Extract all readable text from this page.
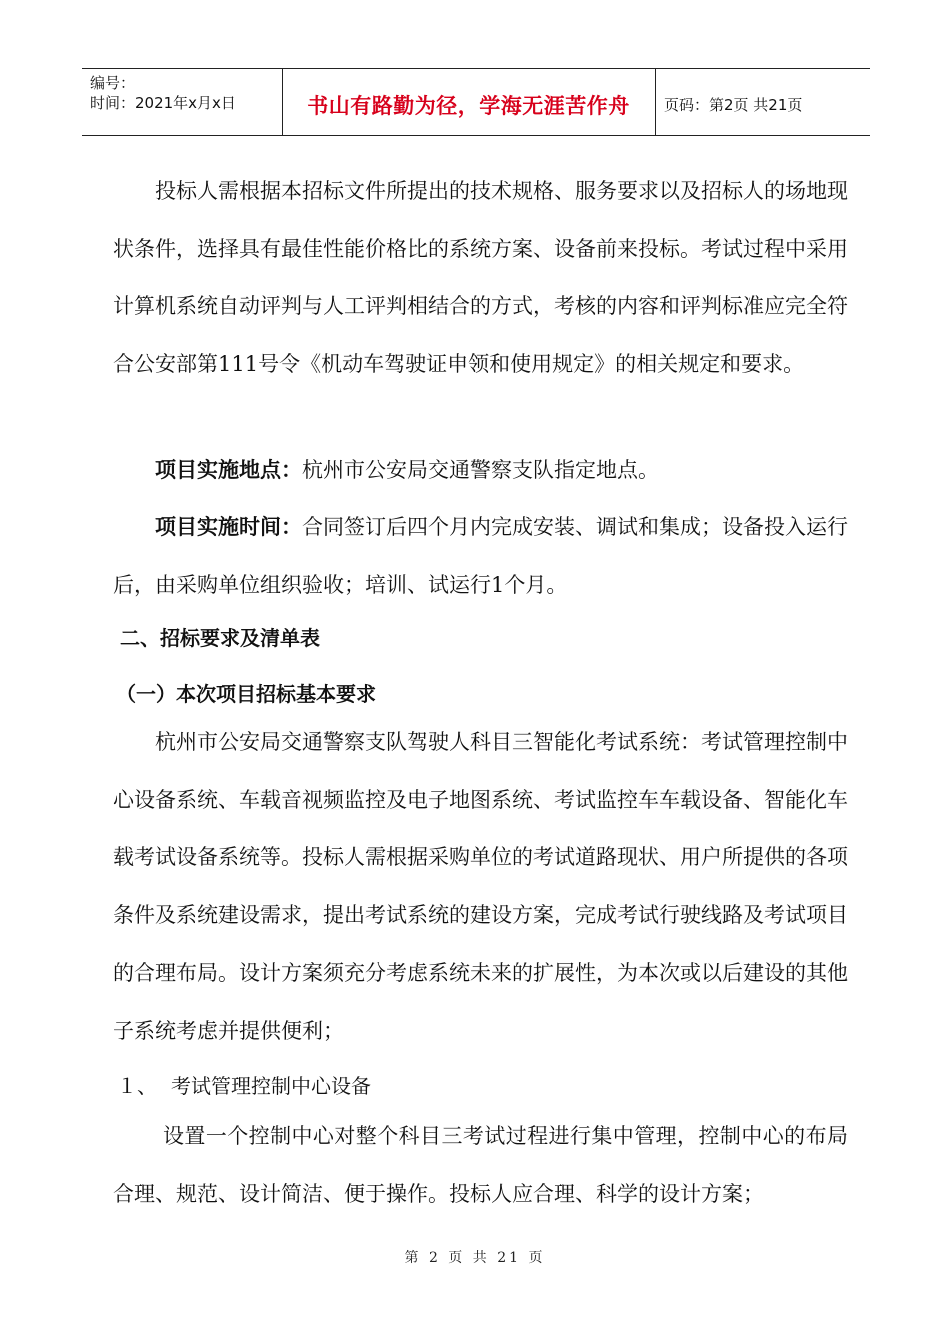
编号：
时间：2021年x月x日	书山有路勤为径，学海无涯苦作舟	页码：第2页 共21页

投标人需根据本招标文件所提出的技术规格、服务要求以及招标人的场地现状条件，选择具有最佳性能价格比的系统方案、设备前来投标。考试过程中采用计算机系统自动评判与人工评判相结合的方式，考核的内容和评判标准应完全符合公安部第111号令《机动车驾驶证申领和使用规定》的相关规定和要求。

项目实施地点：杭州市公安局交通警察支队指定地点。

项目实施时间：合同签订后四个月内完成安装、调试和集成；设备投入运行后，由采购单位组织验收；培训、试运行1个月。

二、招标要求及清单表
（一）本次项目招标基本要求

杭州市公安局交通警察支队驾驶人科目三智能化考试系统：考试管理控制中心设备系统、车载音视频监控及电子地图系统、考试监控车车载设备、智能化车载考试设备系统等。投标人需根据采购单位的考试道路现状、用户所提供的各项条件及系统建设需求，提出考试系统的建设方案，完成考试行驶线路及考试项目的合理布局。设计方案须充分考虑系统未来的扩展性，为本次或以后建设的其他子系统考虑并提供便利；

１、 考试管理控制中心设备

设置一个控制中心对整个科目三考试过程进行集中管理，控制中心的布局合理、规范、设计简洁、便于操作。投标人应合理、科学的设计方案；

第 2 页 共 21 页
